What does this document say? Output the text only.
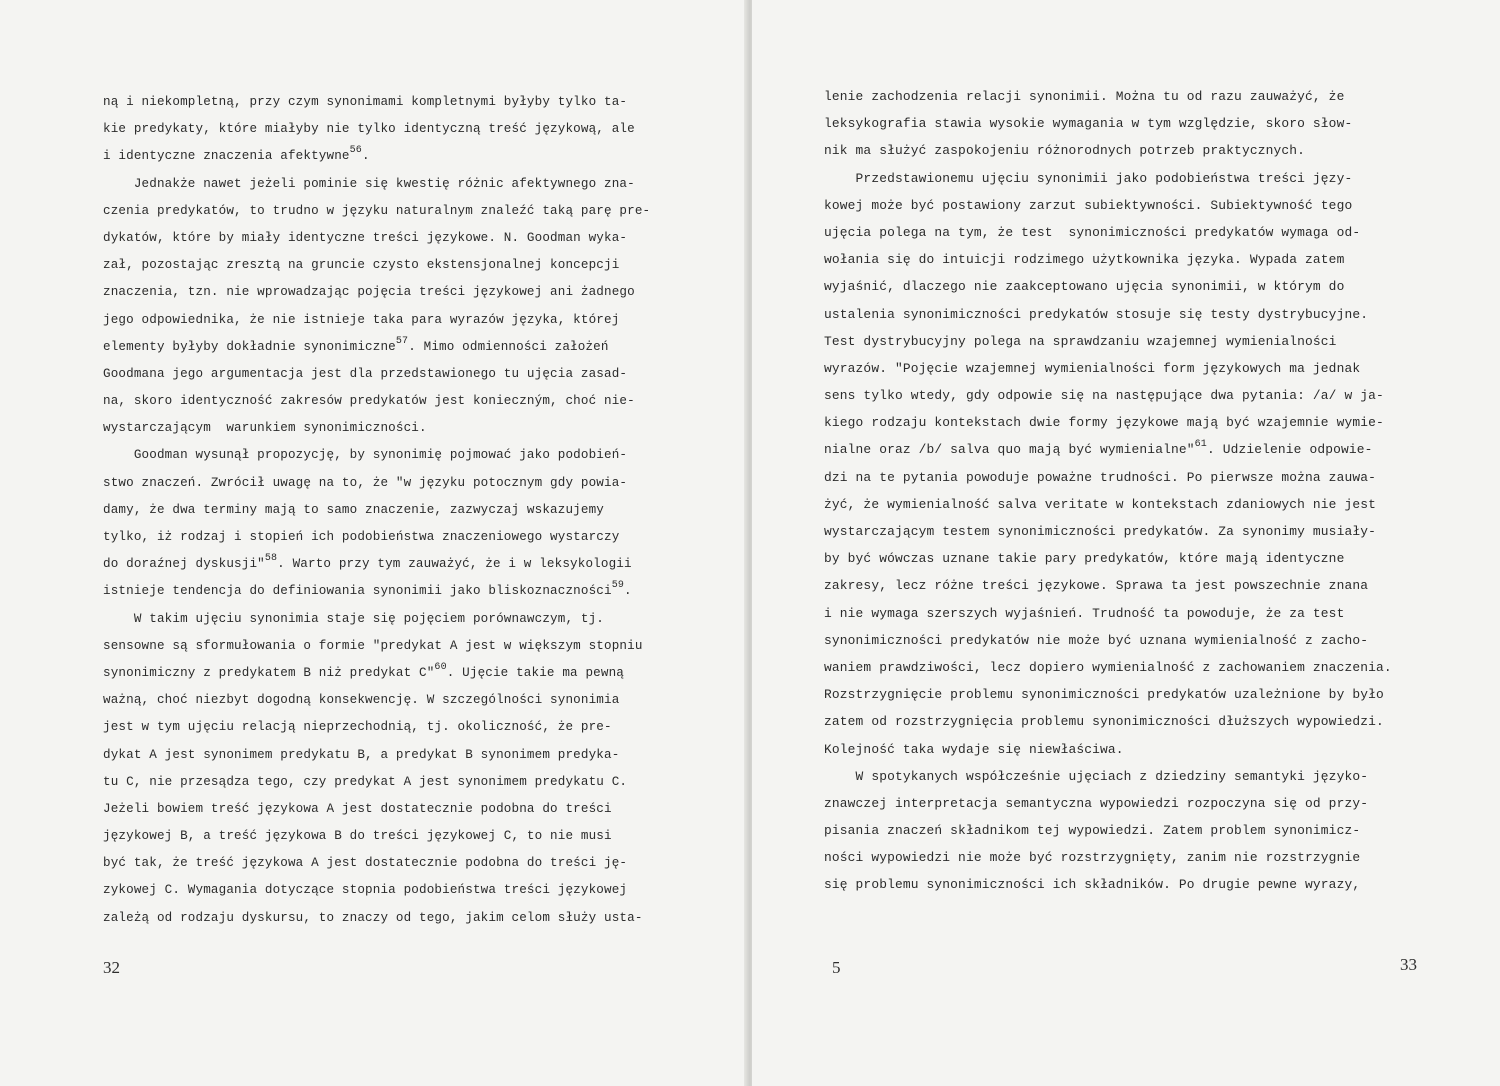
ną i niekompletną, przy czym synonimami kompletnymi byłyby tylko ta-
kie predykaty, które miałyby nie tylko identyczną treść językową, ale
i identyczne znaczenia afektywne$^{56}$.
Jednakże nawet jeżeli pominie się kwestię różnic afektywnego zna-
czenia predykatów, to trudno w języku naturalnym znaleźć taką parę pre-
dykatów, które by miały identyczne treści językowe. N. Goodman wyka-
zał, pozostając zresztą na gruncie czysto ekstensjonalnej koncepcji
znaczenia, tzn. nie wprowadzając pojęcia treści językowej ani żadnego
jego odpowiednika, że nie istnieje taka para wyrazów języka, której
elementy byłyby dokładnie synonimiczne$^{57}$. Mimo odmienności założeń
Goodmana jego argumentacja jest dla przedstawionego tu ujęcia zasad-
na, skoro identyczność zakresów predykatów jest konieczným, choć nie-
wystarczającym  warunkiem synonimiczności.
Goodman wysunął propozycję, by synonimię pojmować jako podobień-
stwo znaczeń. Zwrócił uwagę na to, że "w języku potocznym gdy powia-
damy, że dwa terminy mają to samo znaczenie, zazwyczaj wskazujemy
tylko, iż rodzaj i stopień ich podobieństwa znaczeniowego wystarczy
do doraźnej dyskusji"$^{58}$. Warto przy tym zauważyć, że i w leksykologii
istnieje tendencja do definiowania synonimii jako bliskoznaczności$^{59}$.
W takim ujęciu synonimia staje się pojęciem porównawczym, tj.
sensowne są sformułowania o formie "predykat A jest w większym stopniu
synonimiczny z predykatem B niż predykat C"$^{60}$. Ujęcie takie ma pewną
ważną, choć niezbyt dogodną konsekwencję. W szczególności synonimia
jest w tym ujęciu relacją nieprzechodnią, tj. okoliczność, że pre-
dykat A jest synonimem predykatu B, a predykat B synonimem predyka-
tu C, nie przesądza tego, czy predykat A jest synonimem predykatu C.
Jeżeli bowiem treść językowa A jest dostatecznie podobna do treści
językowej B, a treść językowa B do treści językowej C, to nie musi
być tak, że treść językowa A jest dostatecznie podobna do treści ję-
zykowej C. Wymagania dotyczące stopnia podobieństwa treści językowej
zależą od rodzaju dyskursu, to znaczy od tego, jakim celom służy usta-
32
lenie zachodzenia relacji synonimii. Można tu od razu zauważyć, że
leksykografia stawia wysokie wymagania w tym względzie, skoro słow-
nik ma służyć zaspokojeniu różnorodnych potrzeb praktycznych.
Przedstawionemu ujęciu synonimii jako podobieństwa treści języ-
kowej może być postawiony zarzut subiektywności. Subiektywność tego
ujęcia polega na tym, że test  synonimiczności predykatów wymaga od-
wołania się do intuicji rodzimego użytkownika języka. Wypada zatem
wyjaśnić, dlaczego nie zaakceptowano ujęcia synonimii, w którym do
ustalenia synonimiczności predykatów stosuje się testy dystrybucyjne.
Test dystrybucyjny polega na sprawdzaniu wzajemnej wymienialności
wyrazów. "Pojęcie wzajemnej wymienialności form językowych ma jednak
sens tylko wtedy, gdy odpowie się na następujące dwa pytania: /a/ w ja-
kiego rodzaju kontekstach dwie formy językowe mają być wzajemnie wymie-
nialne oraz /b/ salva quo mają być wymienialne"$^{61}$. Udzielenie odpowie-
dzi na te pytania powoduje poważne trudności. Po pierwsze można zauwa-
żyć, że wymienialność salva veritate w kontekstach zdaniowych nie jest
wystarczającym testem synonimiczności predykatów. Za synonimy musiały-
by być wówczas uznane takie pary predykatów, które mają identyczne
zakresy, lecz różne treści językowe. Sprawa ta jest powszechnie znana
i nie wymaga szerszych wyjaśnień. Trudność ta powoduje, że za test
synonimiczności predykatów nie może być uznana wymienialność z zacho-
waniem prawdziwości, lecz dopiero wymienialność z zachowaniem znaczenia.
Rozstrzygnięcie problemu synonimiczności predykatów uzależnione by było
zatem od rozstrzygnięcia problemu synonimiczności dłuższych wypowiedzi.
Kolejność taka wydaje się niewłaściwa.
W spotykanych współcześnie ujęciach z dziedziny semantyki języko-
znawczej interpretacja semantyczna wypowiedzi rozpoczyna się od przy-
pisania znaczeń składnikom tej wypowiedzi. Zatem problem synonimicz-
ności wypowiedzi nie może być rozstrzygnięty, zanim nie rozstrzygnie
się problemu synonimiczności ich składników. Po drugie pewne wyrazy,
5	33
